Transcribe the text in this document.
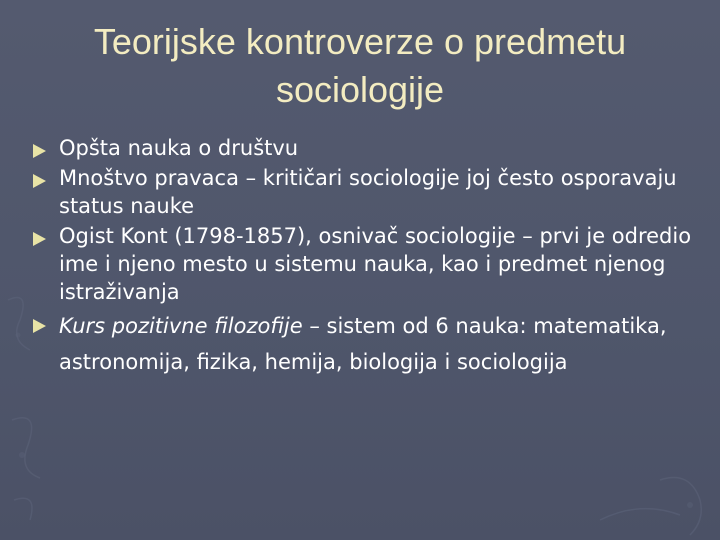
Teorijske kontroverze o predmetu
sociologije
Opšta nauka o društvu
Mnoštvo pravaca – kritičari sociologije joj često osporavaju status nauke
Ogist Kont (1798-1857), osnivač sociologije – prvi je odredio ime i njeno mesto u sistemu nauka, kao i predmet njenog istraživanja
Kurs pozitivne filozofije – sistem od 6 nauka: matematika, astronomija, fizika, hemija, biologija i sociologija
